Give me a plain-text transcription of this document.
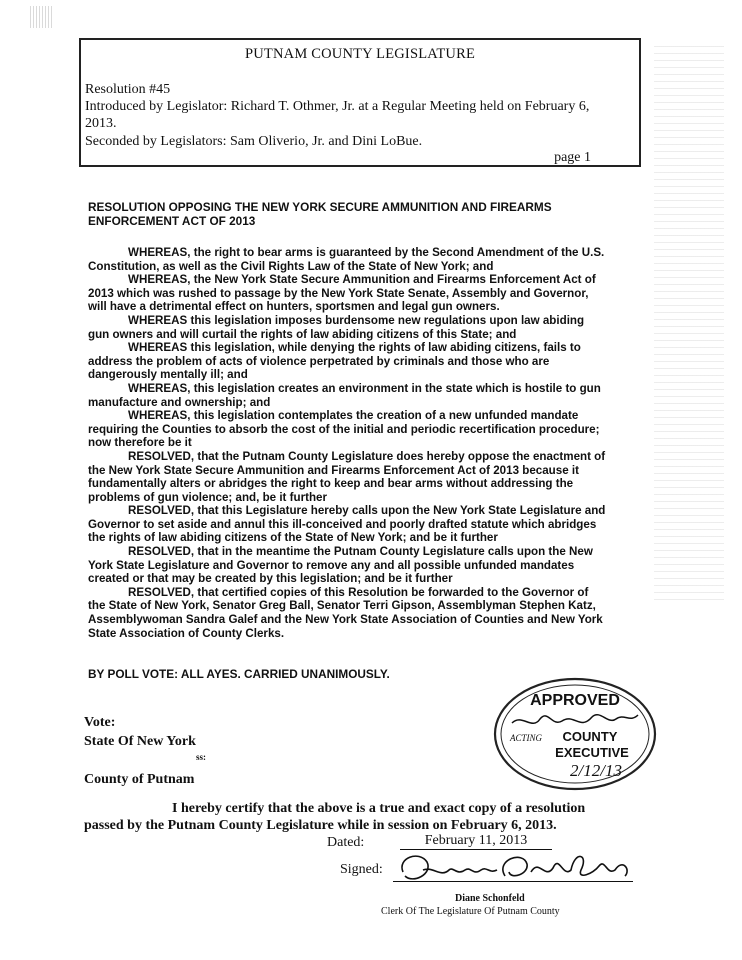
PUTNAM COUNTY LEGISLATURE
Resolution #45
Introduced by Legislator: Richard T. Othmer, Jr. at a Regular Meeting held on February 6,
2013.
Seconded by Legislators: Sam Oliverio, Jr. and Dini LoBue.
page 1
RESOLUTION OPPOSING THE NEW YORK SECURE AMMUNITION AND FIREARMS
ENFORCEMENT ACT OF 2013

WHEREAS, the right to bear arms is guaranteed by the Second Amendment of the U.S.
Constitution, as well as the Civil Rights Law of the State of New York; and

WHEREAS, the New York State Secure Ammunition and Firearms Enforcement Act of
2013 which was rushed to passage by the New York State Senate, Assembly and Governor,
will have a detrimental effect on hunters, sportsmen and legal gun owners.

WHEREAS this legislation imposes burdensome new regulations upon law abiding
gun owners and will curtail the rights of law abiding citizens of this State; and

WHEREAS this legislation, while denying the rights of law abiding citizens, fails to
address the problem of acts of violence perpetrated by criminals and those who are
dangerously mentally ill; and

WHEREAS, this legislation creates an environment in the state which is hostile to gun
manufacture and ownership; and

WHEREAS, this legislation contemplates the creation of a new unfunded mandate
requiring the Counties to absorb the cost of the initial and periodic recertification procedure;
now therefore be it

RESOLVED, that the Putnam County Legislature does hereby oppose the enactment of
the New York State Secure Ammunition and Firearms Enforcement Act of 2013 because it
fundamentally alters or abridges the right to keep and bear arms without addressing the
problems of gun violence; and, be it further

RESOLVED, that this Legislature hereby calls upon the New York State Legislature and
Governor to set aside and annul this ill-conceived and poorly drafted statute which abridges
the rights of law abiding citizens of the State of New York; and be it further

RESOLVED, that in the meantime the Putnam County Legislature calls upon the New
York State Legislature and Governor to remove any and all possible unfunded mandates
created or that may be created by this legislation; and be it further

RESOLVED, that certified copies of this Resolution be forwarded to the Governor of
the State of New York, Senator Greg Ball, Senator Terri Gipson, Assemblyman Stephen Katz,
Assemblywoman Sandra Galef and the New York State Association of Counties and New York
State Association of County Clerks.

BY POLL VOTE: ALL AYES. CARRIED UNANIMOUSLY.
Vote:
State Of New York
ss:
County of Putnam
I hereby certify that the above is a true and exact copy of a resolution
passed by the Putnam County Legislature while in session on February 6, 2013.
Dated:	February 11, 2013
Signed:
Diane Schonfeld
Clerk Of The Legislature Of Putnam County
APPROVED
ACTING COUNTY
EXECUTIVE
2/12/13
